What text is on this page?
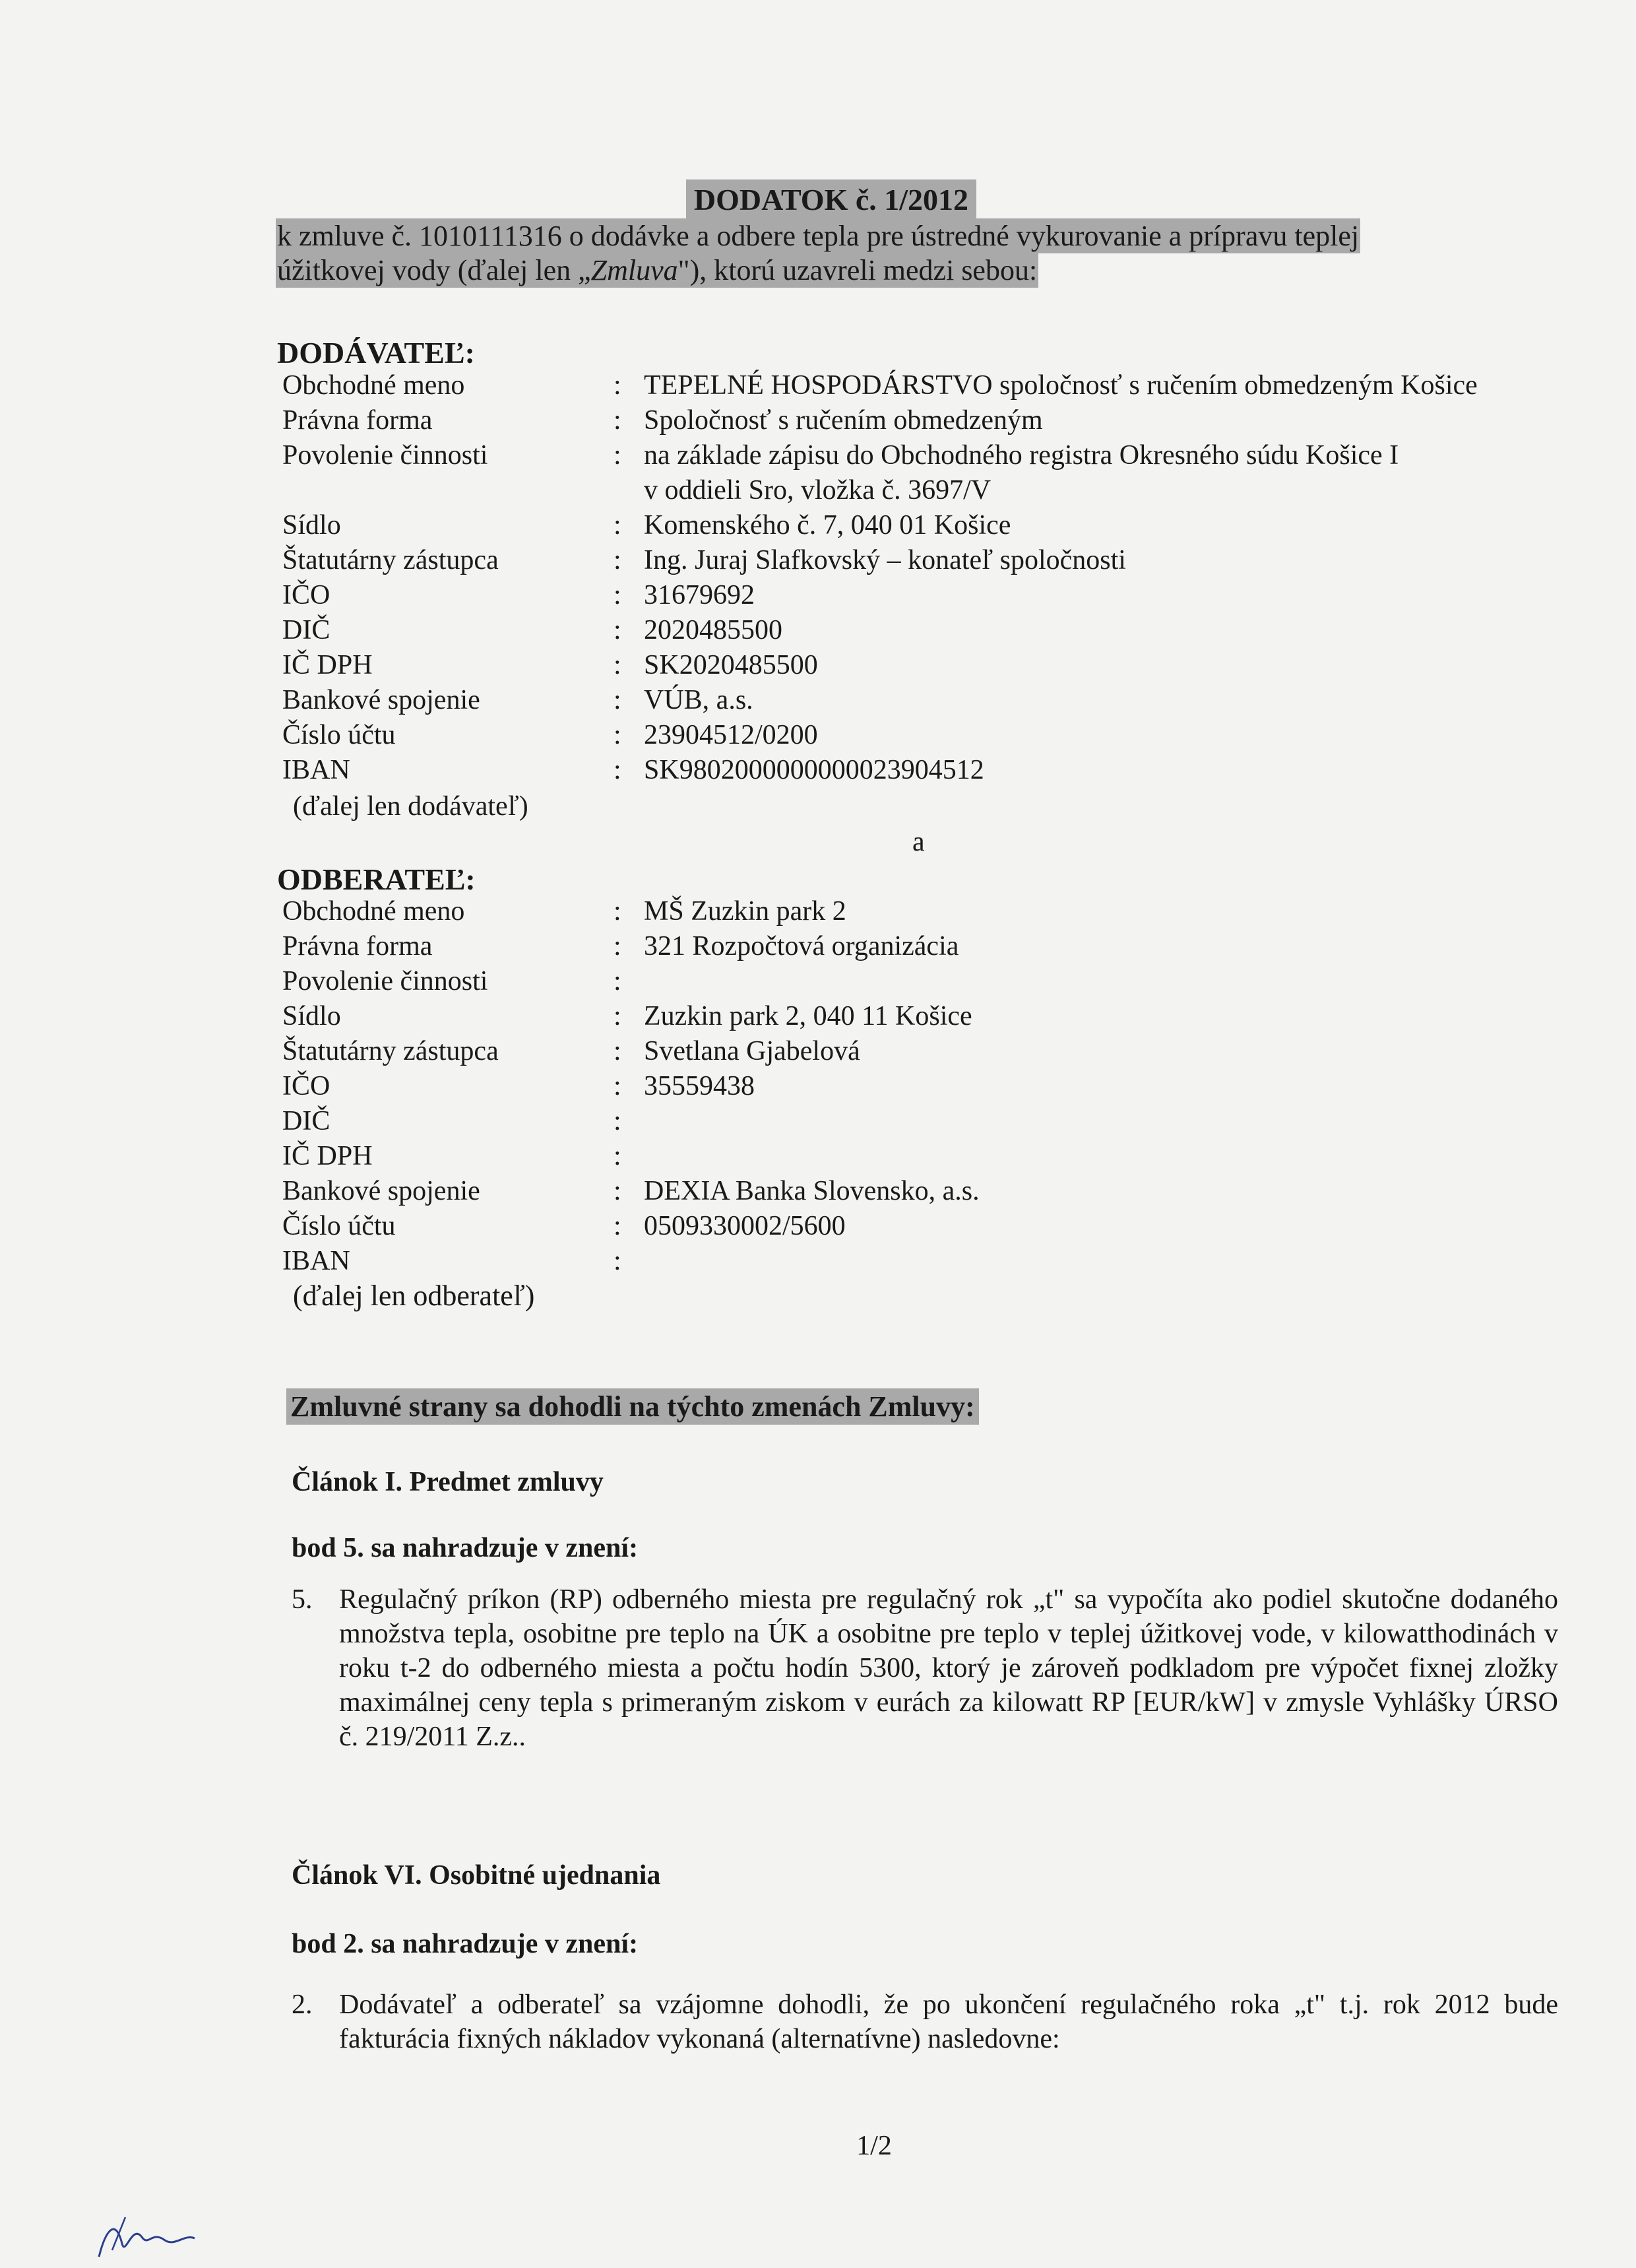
DODATOK č. 1/2012
k zmluve č. 1010111316 o dodávke a odbere tepla pre ústredné vykurovanie a prípravu teplej
úžitkovej vody (ďalej len „Zmluva"), ktorú uzavreli medzi sebou:
DODÁVATEĽ:
Obchodné meno	: TEPELNÉ HOSPODÁRSTVO spoločnosť s ručením obmedzeným Košice
Právna forma	: Spoločnosť s ručením obmedzeným
Povolenie činnosti	: na základe zápisu do Obchodného registra Okresného súdu Košice I
v oddieli Sro, vložka č. 3697/V
Sídlo	: Komenského č. 7, 040 01 Košice
Štatutárny zástupca	: Ing. Juraj Slafkovský – konateľ spoločnosti
IČO	: 31679692
DIČ	: 2020485500
IČ DPH	: SK2020485500
Bankové spojenie	: VÚB, a.s.
Číslo účtu	: 23904512/0200
IBAN	: SK9802000000000023904512
(ďalej len dodávateľ)
a
ODBERATEĽ:
Obchodné meno	: MŠ Zuzkin park 2
Právna forma	: 321 Rozpočtová organizácia
Povolenie činnosti	:
Sídlo	: Zuzkin park 2, 040 11 Košice
Štatutárny zástupca	: Svetlana Gjabelová
IČO	: 35559438
DIČ	:
IČ DPH	:
Bankové spojenie	: DEXIA Banka Slovensko, a.s.
Číslo účtu	: 0509330002/5600
IBAN	:
(ďalej len odberateľ)
Zmluvné strany sa dohodli na týchto zmenách Zmluvy:
Článok I. Predmet zmluvy
bod 5. sa nahradzuje v znení:
5. Regulačný príkon (RP) odberného miesta pre regulačný rok „t" sa vypočíta ako podiel skutočne dodaného množstva tepla, osobitne pre teplo na ÚK a osobitne pre teplo v teplej úžitkovej vode, v kilowatthodinách v roku t-2 do odberného miesta a počtu hodín 5300, ktorý je zároveň podkladom pre výpočet fixnej zložky maximálnej ceny tepla s primeraným ziskom v eurách za kilowatt RP [EUR/kW] v zmysle Vyhlášky ÚRSO č. 219/2011 Z.z..
Článok VI. Osobitné ujednania
bod 2. sa nahradzuje v znení:
2. Dodávateľ a odberateľ sa vzájomne dohodli, že po ukončení regulačného roka „t" t.j. rok 2012 bude fakturácia fixných nákladov vykonaná (alternatívne) nasledovne:
1/2
